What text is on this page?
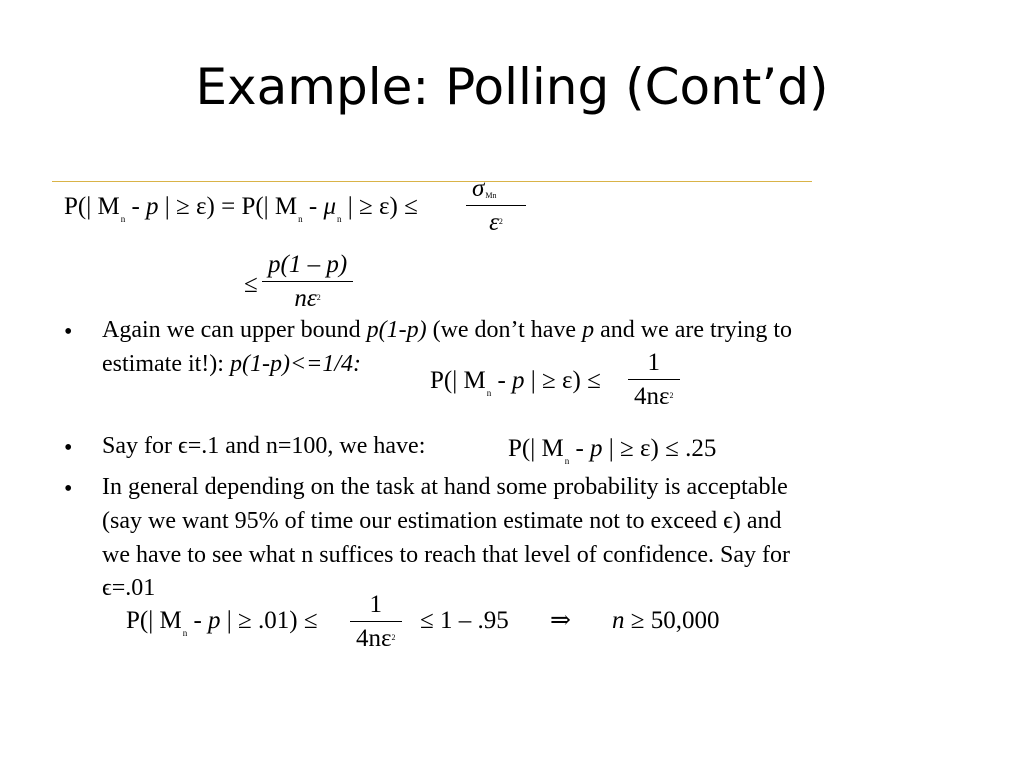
Example: Polling (Cont’d)
P(| $M_n$ - p | ≥ ε) = P(| $M_n - \mu_n$ | ≥ ε) ≤
σMn
$\varepsilon^2$
≤
p(1 – p)
$n\varepsilon^2$
• Again we can upper bound p(1-p) (we don’t have p and we are trying to
estimate it!): p(1-p)<=1/4:
P(| $M_n$ - p | ≥ ε) ≤
1
$4n\varepsilon^2$
• Say for ϵ=.1 and n=100, we have:	P(| $M_n$ - p | ≥ ε) ≤ .25
• In general depending on the task at hand some probability is acceptable
(say we want 95% of time our estimation estimate not to exceed ϵ) and
we have to see what n suffices to reach that level of confidence. Say for
ϵ=.01
P(| $M_n$ - p | ≥ .01) ≤
1
$4n\varepsilon^2$
≤ 1 – .95 ⇒ n ≥ 50,000
